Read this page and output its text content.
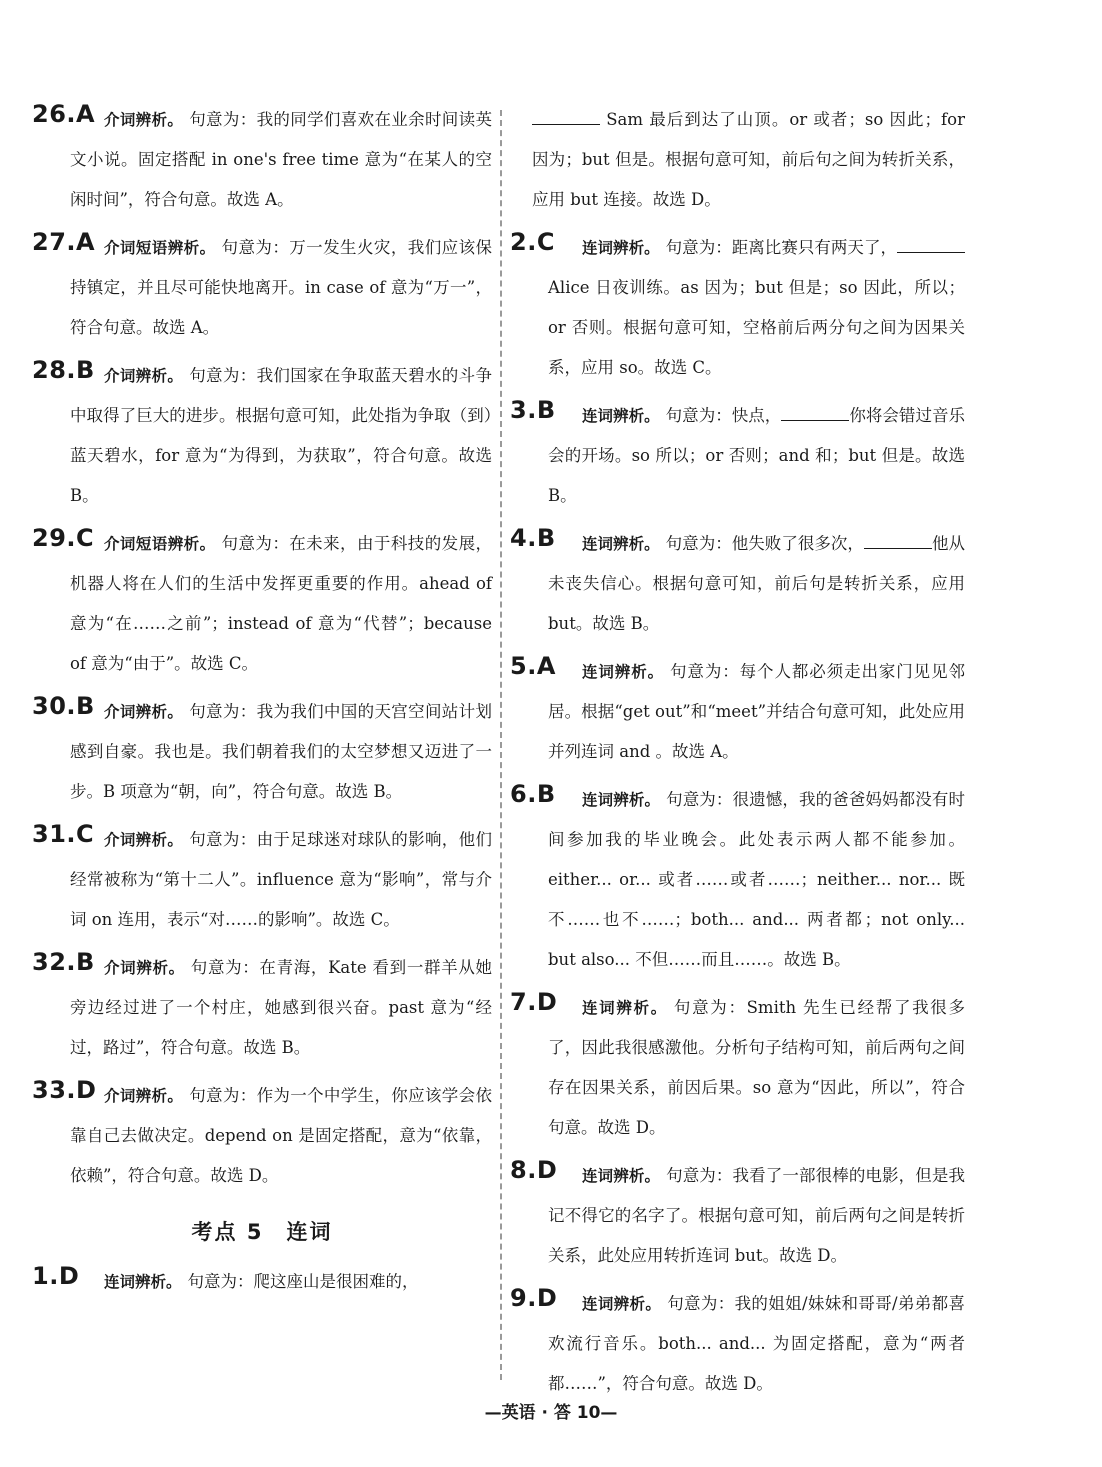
26.A 介词辨析。 句意为：我的同学们喜欢在业余时间读英文小说。固定搭配 in one's free time 意为“在某人的空闲时间”，符合句意。故选 A。
27.A 介词短语辨析。 句意为：万一发生火灾，我们应该保持镇定，并且尽可能快地离开。in case of 意为“万一”，符合句意。故选 A。
28.B 介词辨析。 句意为：我们国家在争取蓝天碧水的斗争中取得了巨大的进步。根据句意可知，此处指为争取（到）蓝天碧水，for 意为“为得到，为获取”，符合句意。故选 B。
29.C 介词短语辨析。 句意为：在未来，由于科技的发展，机器人将在人们的生活中发挥更重要的作用。ahead of 意为“在……之前”；instead of 意为“代替”；because of 意为“由于”。故选 C。
30.B 介词辨析。 句意为：我为我们中国的天宫空间站计划感到自豪。我也是。我们朝着我们的太空梦想又迈进了一步。B 项意为“朝，向”，符合句意。故选 B。
31.C 介词辨析。 句意为：由于足球迷对球队的影响，他们经常被称为“第十二人”。influence 意为“影响”，常与介词 on 连用，表示“对……的影响”。故选 C。
32.B 介词辨析。 句意为：在青海，Kate 看到一群羊从她旁边经过进了一个村庄，她感到很兴奋。past 意为“经过，路过”，符合句意。故选 B。
33.D 介词辨析。 句意为：作为一个中学生，你应该学会依靠自己去做决定。depend on 是固定搭配，意为“依靠，依赖”，符合句意。故选 D。
考点 5　连词
1.D	连词辨析。 句意为：爬这座山是很困难的，
Sam 最后到达了山顶。or 或者；so 因此；for 因为；but 但是。根据句意可知，前后句之间为转折关系，应用 but 连接。故选 D。
2.C	连词辨析。 句意为：距离比赛只有两天了， Alice 日夜训练。as 因为；but 但是；so 因此，所以；or 否则。根据句意可知，空格前后两分句之间为因果关系，应用 so。故选 C。
3.B	连词辨析。 句意为：快点，	你将会错过音乐会的开场。so 所以；or 否则；and 和；but 但是。故选 B。
4.B	连词辨析。 句意为：他失败了很多次，	他从未丧失信心。根据句意可知，前后句是转折关系，应用 but。故选 B。
5.A	连词辨析。 句意为：每个人都必须走出家门见见邻居。根据“get out”和“meet”并结合句意可知，此处应用并列连词 and 。故选 A。
6.B	连词辨析。 句意为：很遗憾，我的爸爸妈妈都没有时间参加我的毕业晚会。此处表示两人都不能参加。either... or... 或者……或者……；neither... nor... 既不……也不……；both... and... 两者都；not only... but also... 不但……而且……。故选 B。
7.D	连词辨析。 句意为：Smith 先生已经帮了我很多了，因此我很感激他。分析句子结构可知，前后两句之间存在因果关系，前因后果。so 意为“因此，所以”，符合句意。故选 D。
8.D	连词辨析。 句意为：我看了一部很棒的电影，但是我记不得它的名字了。根据句意可知，前后两句之间是转折关系，此处应用转折连词 but。故选 D。
9.D	连词辨析。 句意为：我的姐姐/妹妹和哥哥/弟弟都喜欢流行音乐。both... and... 为固定搭配，意为“两者都……”，符合句意。故选 D。
—英语 · 答 10—
